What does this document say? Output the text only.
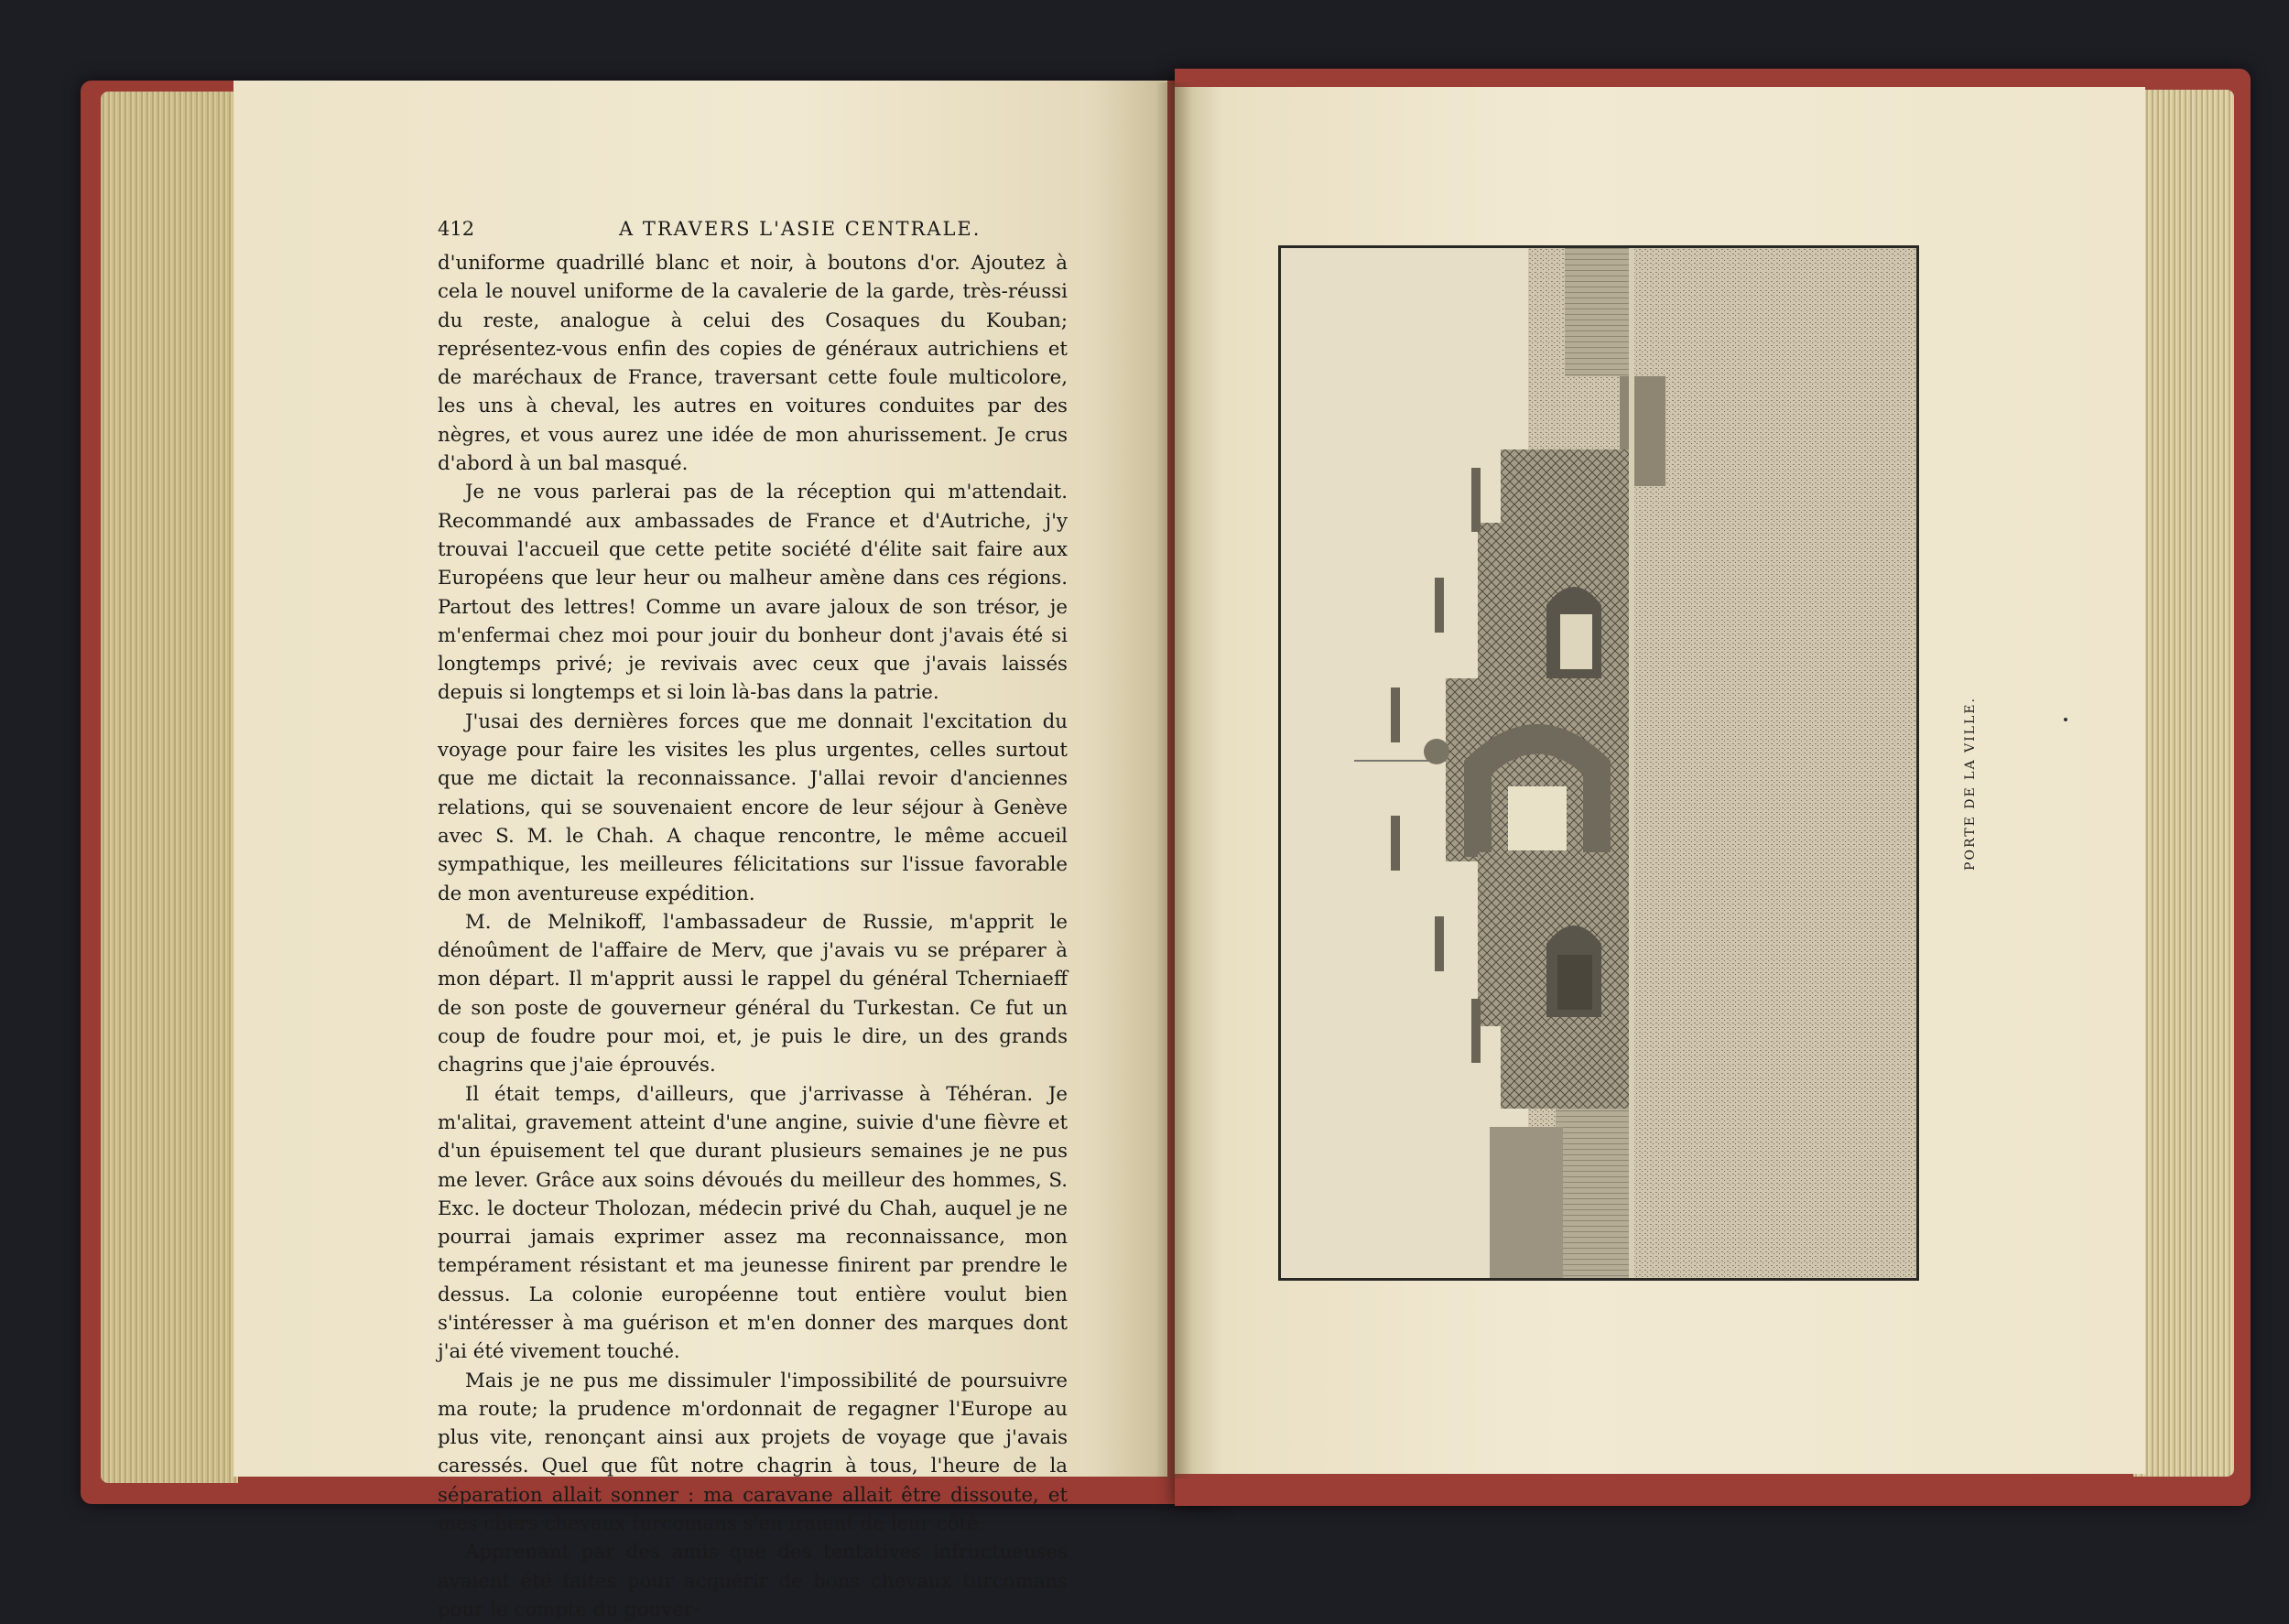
412	A TRAVERS L'ASIE CENTRALE.

d'uniforme quadrillé blanc et noir, à boutons d'or. Ajoutez à cela le nouvel uniforme de la cavalerie de la garde, très-réussi du reste, analogue à celui des Cosaques du Kouban; représentez-vous enfin des copies de généraux autrichiens et de maréchaux de France, traversant cette foule multicolore, les uns à cheval, les autres en voitures conduites par des nègres, et vous aurez une idée de mon ahurissement. Je crus d'abord à un bal masqué.

Je ne vous parlerai pas de la réception qui m'attendait. Recommandé aux ambassades de France et d'Autriche, j'y trouvai l'accueil que cette petite société d'élite sait faire aux Européens que leur heur ou malheur amène dans ces régions. Partout des lettres! Comme un avare jaloux de son trésor, je m'enfermai chez moi pour jouir du bonheur dont j'avais été si longtemps privé; je revivais avec ceux que j'avais laissés depuis si longtemps et si loin là-bas dans la patrie.

J'usai des dernières forces que me donnait l'excitation du voyage pour faire les visites les plus urgentes, celles surtout que me dictait la reconnaissance. J'allai revoir d'anciennes relations, qui se souvenaient encore de leur séjour à Genève avec S. M. le Chah. A chaque rencontre, le même accueil sympathique, les meilleures félicitations sur l'issue favorable de mon aventureuse expédition.

M. de Melnikoff, l'ambassadeur de Russie, m'apprit le dénoûment de l'affaire de Merv, que j'avais vu se préparer à mon départ. Il m'apprit aussi le rappel du général Tcherniaeff de son poste de gouverneur général du Turkestan. Ce fut un coup de foudre pour moi, et, je puis le dire, un des grands chagrins que j'aie éprouvés.

Il était temps, d'ailleurs, que j'arrivasse à Téhéran. Je m'alitai, gravement atteint d'une angine, suivie d'une fièvre et d'un épuisement tel que durant plusieurs semaines je ne pus me lever. Grâce aux soins dévoués du meilleur des hommes, S. Exc. le docteur Tholozan, médecin privé du Chah, auquel je ne pourrai jamais exprimer assez ma reconnaissance, mon tempérament résistant et ma jeunesse finirent par prendre le dessus. La colonie européenne tout entière voulut bien s'intéresser à ma guérison et m'en donner des marques dont j'ai été vivement touché.

Mais je ne pus me dissimuler l'impossibilité de poursuivre ma route; la prudence m'ordonnait de regagner l'Europe au plus vite, renonçant ainsi aux projets de voyage que j'avais caressés. Quel que fût notre chagrin à tous, l'heure de la séparation allait sonner : ma caravane allait être dissoute, et mes chers chevaux turcomans s'en iraient de leur côté.

Apprenant par des amis que des tentatives infructueuses avaient été faites pour acquérir de bons chevaux turcomans pour le compte du gouver-

PORTE DE LA VILLE.
